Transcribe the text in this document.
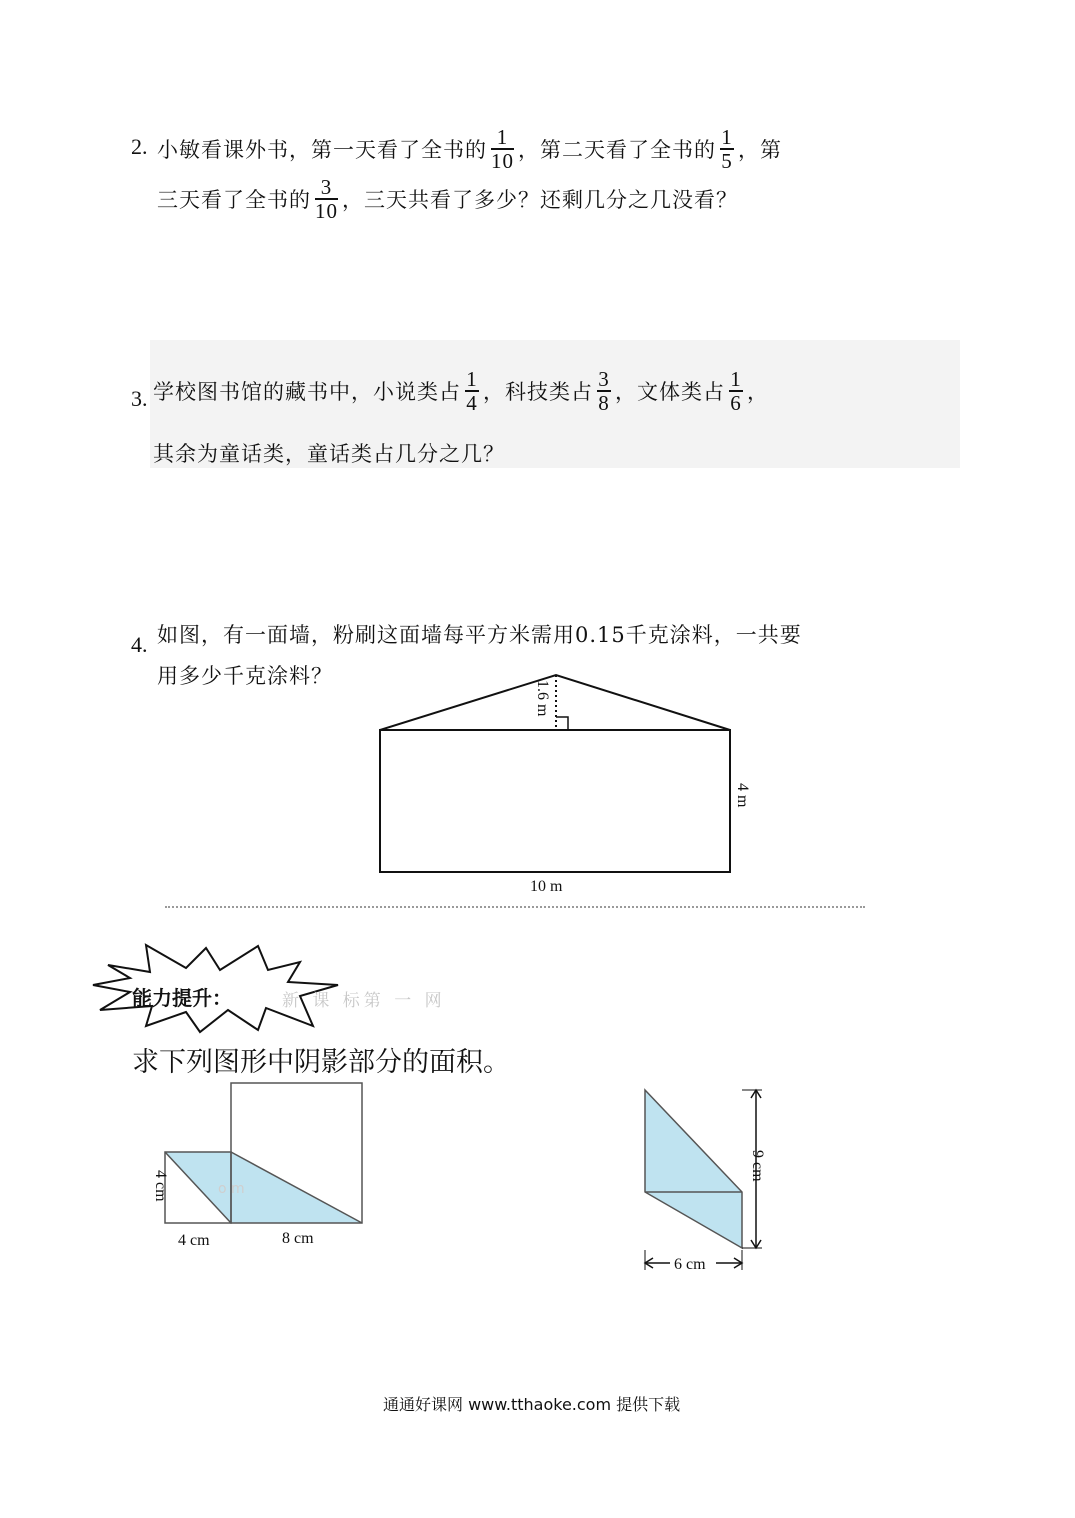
2. 小敏看课外书，第一天看了全书的 $\frac{1}{10}$ ，第二天看了全书的 $\frac{1}{5}$ ，第
三天看了全书的 $\frac{3}{10}$ ，三天共看了多少？还剩几分之几没看？
3. 学校图书馆的藏书中，小说类占 $\frac{1}{4}$ ，科技类占 $\frac{3}{8}$ ，文体类占 $\frac{1}{6}$ ，
其余为童话类，童话类占几分之几？
4. 如图，有一面墙，粉刷这面墙每平方米需用0.15千克涂料，一共要
用多少千克涂料？
1.6 m
4 m
10 m
能力提升：	新 课 标第 一 网
求下列图形中阴影部分的面积。
4 cm	o m
4 cm	8 cm
9 cm
6 cm
通通好课网 www.tthaoke.com 提供下载
